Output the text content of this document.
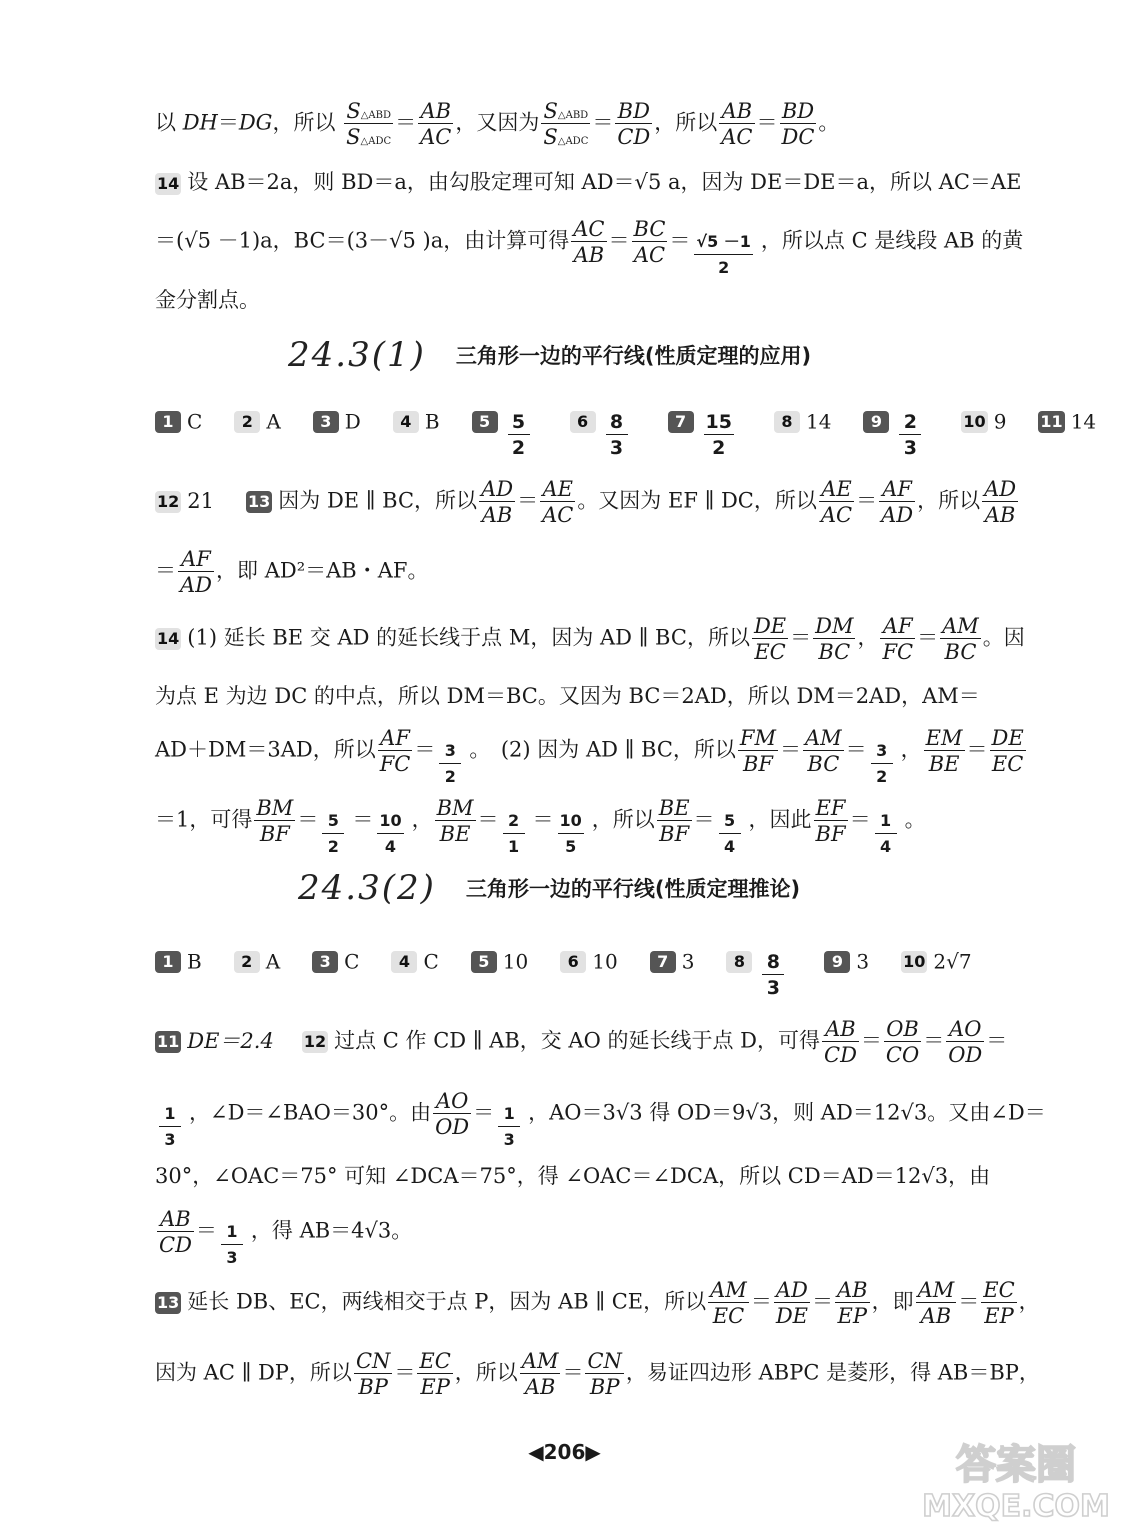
以 DH＝DG，所以 $\frac{\text{S△ABD}}{\text{S△ADC}} = \frac{AB}{AC}$ ，又因为 $\frac{\text{S△ABD}}{\text{S△ADC}} = \frac{BD}{CD}$ ，所以 $\frac{AB}{AC} = \frac{BD}{DC}$ 。
14 设 AB＝2a，则 BD＝a，由勾股定理可知 AD＝√5 a，因为 DE＝DE＝a，所以 AC＝AE
＝(√5 －1)a，BC＝(3－√5 )a，由计算可得 $\frac{AC}{AB} = \frac{BC}{AC} = \frac{√5 -1}{2}$ ，所以点 C 是线段 AB 的黄
金分割点。
24.3(1) 三角形一边的平行线(性质定理的应用)
1 C 2 A 3 D 4 B $5 \frac{5}{2}$	$6 \frac{8}{3}$	$7 \frac{15}{2}$	8 14 $9 \frac{2}{3}$	10 9 11 14
12 21 13 因为 DE ∥ BC，所以 $\frac{AD}{AB} = \frac{AE}{AC}$ 。又因为 EF ∥ DC，所以 $\frac{AE}{AC} = \frac{AF}{AD}$ ，所以 $\frac{AD}{AB}$
＝ $\frac{AF}{AD}$ ，即 AD²＝AB・AF。
14 (1) 延长 BE 交 AD 的延长线于点 M，因为 AD ∥ BC，所以 $\frac{DE}{EC} = \frac{DM}{BC}$ ， $\frac{AF}{FC} = \frac{AM}{BC}$ 。因
为点 E 为边 DC 的中点，所以 DM＝BC。又因为 BC＝2AD，所以 DM＝2AD，AM＝
AD＋DM＝3AD，所以 $\frac{AF}{FC} = \frac{3}{2}$ 。　(2) 因为 AD ∥ BC，所以 $\frac{FM}{BF} = \frac{AM}{BC} = \frac{3}{2}$ ， $\frac{EM}{BE} = \frac{DE}{EC}$
＝1，可得 $\frac{BM}{BF} = \frac{5}{2} = \frac{10}{4}$ ， $\frac{BM}{BE} = \frac{2}{1} = \frac{10}{5}$ ，所以 $\frac{BE}{BF} = \frac{5}{4}$ ，因此 $\frac{EF}{BF} = \frac{1}{4}$ 。
24.3(2) 三角形一边的平行线(性质定理推论)
1 B 2 A 3 C 4 C 5 10 6 10 7 3 $8 \frac{8}{3}$	9 3 10 2√7
11 DE＝2.4 12 过点 C 作 CD ∥ AB，交 AO 的延长线于点 D，可得 $\frac{AB}{CD} = \frac{OB}{CO} = \frac{AO}{OD}$ ＝
$\frac{1}{3}$ ，∠D＝∠BAO＝30°。由 $\frac{AO}{OD} = \frac{1}{3}$ ，AO＝3√3 得 OD＝9√3，则 AD＝12√3。又由∠D＝
30°，∠OAC＝75° 可知 ∠DCA＝75°，得 ∠OAC＝∠DCA，所以 CD＝AD＝12√3，由
$\frac{AB}{CD} = \frac{1}{3}$ ，得 AB＝4√3。
13 延长 DB、EC，两线相交于点 P，因为 AB ∥ CE，所以 $\frac{AM}{EC} = \frac{AD}{DE} = \frac{AB}{EP}$ ，即 $\frac{AM}{AB} = \frac{EC}{EP}$ ，
因为 AC ∥ DP，所以 $\frac{CN}{BP} = \frac{EC}{EP}$ ，所以 $\frac{AM}{AB} = \frac{CN}{BP}$ ，易证四边形 ABPC 是菱形，得 AB＝BP，
◀206▶	答案圈
MXQE.COM
